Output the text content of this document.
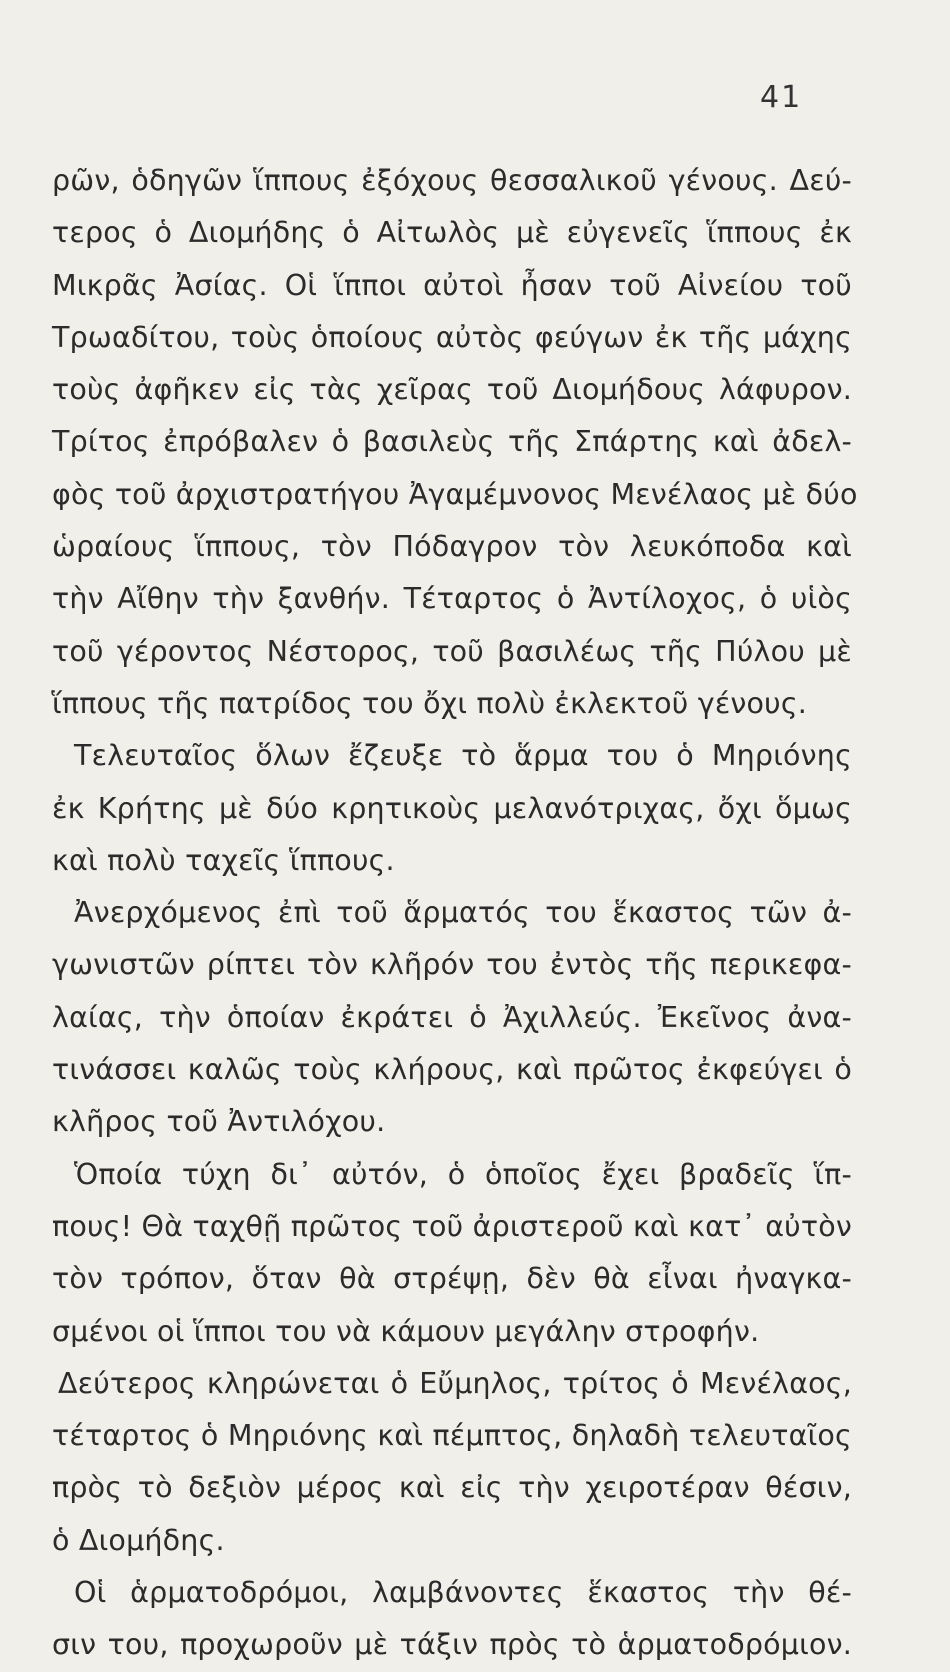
41
ρῶν, ὁδηγῶν ἵππους ἐξόχους θεσσαλικοῦ γένους. Δεύ-
τερος ὁ Διομήδης ὁ Αἰτωλὸς μὲ εὐγενεῖς ἵππους ἐκ
Μικρᾶς Ἀσίας. Οἱ ἵπποι αὐτοὶ ἦσαν τοῦ Αἰνείου τοῦ
Τρωαδίτου, τοὺς ὁποίους αὐτὸς φεύγων ἐκ τῆς μάχης
τοὺς ἀφῆκεν εἰς τὰς χεῖρας τοῦ Διομήδους λάφυρον.
Τρίτος ἐπρόβαλεν ὁ βασιλεὺς τῆς Σπάρτης καὶ ἀδελ-
φὸς τοῦ ἀρχιστρατήγου Ἀγαμέμνονος Μενέλαος μὲ δύο
ὡραίους ἵππους, τὸν Πόδαγρον τὸν λευκόποδα καὶ
τὴν Αἴθην τὴν ξανθήν. Τέταρτος ὁ Ἀντίλοχος, ὁ υἱὸς
τοῦ γέροντος Νέστορος, τοῦ βασιλέως τῆς Πύλου μὲ
ἵππους τῆς πατρίδος του ὄχι πολὺ ἐκλεκτοῦ γένους.
Τελευταῖος ὅλων ἔζευξε τὸ ἅρμα του ὁ Μηριόνης
ἐκ Κρήτης μὲ δύο κρητικοὺς μελανότριχας, ὄχι ὅμως
καὶ πολὺ ταχεῖς ἵππους.
Ἀνερχόμενος ἐπὶ τοῦ ἅρματός του ἕκαστος τῶν ἀ-
γωνιστῶν ρίπτει τὸν κλῆρόν του ἐντὸς τῆς περικεφα-
λαίας, τὴν ὁποίαν ἐκράτει ὁ Ἀχιλλεύς. Ἐκεῖνος ἀνα-
τινάσσει καλῶς τοὺς κλήρους, καὶ πρῶτος ἐκφεύγει ὁ
κλῆρος τοῦ Ἀντιλόχου.
Ὁποία τύχη δι᾿ αὐτόν, ὁ ὁποῖος ἔχει βραδεῖς ἵπ-
πους! Θὰ ταχθῇ πρῶτος τοῦ ἀριστεροῦ καὶ κατ᾿ αὐτὸν
τὸν τρόπον, ὅταν θὰ στρέψῃ, δὲν θὰ εἶναι ἠναγκα-
σμένοι οἱ ἵπποι του νὰ κάμουν μεγάλην στροφήν.
Δεύτερος κληρώνεται ὁ Εὔμηλος, τρίτος ὁ Μενέλαος,
τέταρτος ὁ Μηριόνης καὶ πέμπτος, δηλαδὴ τελευταῖος
πρὸς τὸ δεξιὸν μέρος καὶ εἰς τὴν χειροτέραν θέσιν,
ὁ Διομήδης.
Οἱ ἁρματοδρόμοι, λαμβάνοντες ἕκαστος τὴν θέ-
σιν του, προχωροῦν μὲ τάξιν πρὸς τὸ ἁρματοδρόμιον.
